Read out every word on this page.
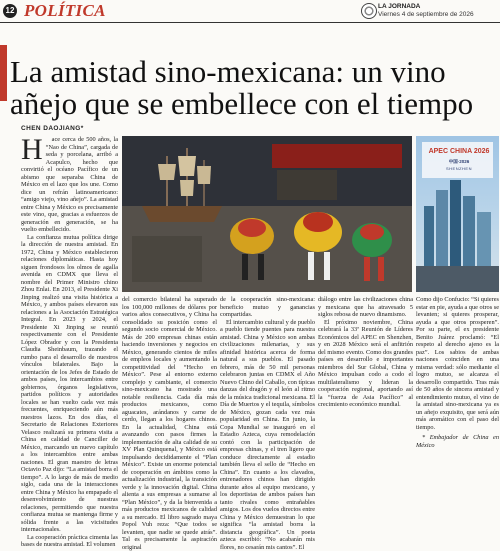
12 POLÍTICA	LA JORNADA
Viernes 4 de septiembre de 2026
La amistad sino-mexicana: un vino añejo que se embellece con el tiempo
CHEN DAOJIANG*
H	ace cerca de 500 años, la “Nao de China”, cargada de seda y porcelana, arribó a Acapulco, hecho que convirtió el océano Pacífico de un abismo que separaba China de México en el lazo que los une. Como dice un refrán latinoamericano: “amigo viejo, vino añejo”. La amistad entre China y México es precisamente este vino, que, gracias a esfuerzos de generación en generación, se ha vuelto embellecido.

La confianza mutua política dirige la dirección de nuestra amistad. En 1972, China y México establecieron relaciones diplomáticas. Hasta hoy siguen frondosos los olmos de agalla avenida en CDMX que lleva el nombre del Primer Ministro chino Zhou Enlai. En 2013, el Presidente Xi Jinping realizó una visita histórica a México, y ambos países elevaron sus relaciones a la Asociación Estratégica Integral. En 2023 y 2024, el Presidente Xi Jinping se reunió respectivamente con el Presidente López Obrador y con la Presidenta Claudia Sheinbaum, trazando el rumbo para el desarrollo de nuestros vínculos bilaterales. Bajo la orientación de los Jefes de Estado de ambos países, los intercambios entre gobiernos, órganos legislativos, partidos políticos y autoridades locales se han vuelto cada vez más frecuentes, enriqueciendo aún más nuestros lazos. En dos días, el Secretario de Relaciones Exteriores Velasco realizará su primera visita a China en calidad de Canciller de México, marcando un nuevo capítulo a los intercambios entre ambas naciones. El gran maestro de letras Octavio Paz dijo: “La amistad borra el tiempo”. A lo largo de más de medio siglo, cada una de la interacciones entre China y México ha empapado el desenvolvimiento de nuestras relaciones, permitiendo que nuestra confianza mutua se mantenga firme y sólida frente a las vicisitudes internacionales.

La cooperación práctica cimenta las bases de nuestra amistad. El volumen

APEC CHINA 2026
中国·2026
SHENZHEN

del comercio bilateral ha superado los 100,000 millones de dólares por varios años consecutivos, y China ha consolidado su posición como el segundo socio comercial de México. Más de 200 empresas chinas están haciendo inversiones y negocios en México, generando cientos de miles de empleos locales y aumentando la competitividad del “Hecho en México”. Pese al entorno externo complejo y cambiante, el comercio sino-mexicano ha mostrado una notable resiliencia. Cada día más productos mexicanos, como aguacates, arándanos y carne de cerdo, llegan a los hogares chinos. En la actualidad, China está avanzando con pasos firmes la implementación de alta calidad de su XV Plan Quinquenal, y México está impulsando decididamente el “Plan México”. Existe un enorme potencial de cooperación en ámbitos como la actualización industrial, la transición verde y la innovación digital. China alienta a sus empresas a sumarse al “Plan México”, y da la bienvenida a más productos mexicanos de calidad a su mercado. El libro sagrado maya Popol Vuh reza: “Que todos se levanten, que nadie se quede atrás”. Tal es precisamente la aspiración original

de la cooperación sino-mexicana: beneficio mutuo y ganancias compartidas.

El intercambio cultural y de pueblo a pueblo tiende puentes para nuestra amistad. China y México son ambas civilizaciones milenarias, y sus afinidad histórica acerca de forma natural a sus pueblos. El pasado febrero, más de 50 mil personas celebraron juntas en CDMX el Año Nuevo Chino del Caballo, con típicas danzas del dragón y el león al ritmo de la música tradicional mexicana. El Día de Muertos y el tequila, símbolos de México, gozan cada vez más popularidad en China. En junio, la Copa Mundial se inauguró en el Estadio Azteca, cuya remodelación contó con la participación de empresas chinas, y el tren ligero que conduce directamente al estadio también lleva el sello de “Hecho en China”. En cuanto a los clavados, entrenadores chinos han dirigido durante años al equipo mexicano, y los deportistas de ambos países han tanto rivales como entrañables amigos. Los dos vuelos directos entre China y México demuestran lo que significa “la amistad borra la distancia geográfica”. Un poeta azteca escribió: “No acabarán mis flores, no cesarán mis cantos”. El

diálogo entre las civilizaciones china y mexicana que ha atravesado 5 siglos rebosa de nuevo dinamismo.

El próximo noviembre, China celebrará la 33ª Reunión de Líderes Económicos del APEC en Shenzhen, y en 2028 México será el anfitrión del mismo evento. Como dos grandes países en desarrollo e importantes miembros del Sur Global, China y México impulsan codo a codo el multilateralismo y lideran la cooperación regional, aportando así la “fuerza de Asia Pacífico” al crecimiento económico mundial.

Como dijo Confucio: “Si quieres estar en pie, ayuda a que otros se levanten; si quieres prosperar, ayuda a que otros prosperen”. Por su parte, el ex presidente Benito Juárez proclamó: “El respeto al derecho ajeno es la paz”. Los sabios de ambas naciones coinciden en una misma verdad: sólo mediante el logro mutuo, se alcanza el desarrollo compartido. Tras más de 50 años de sincera amistad y entendimiento mutuo, el vino de la amistad sino-mexicana ya es un añejo exquisito, que será aún más aromático con el paso del tiempo.

* Embajador de China en México
